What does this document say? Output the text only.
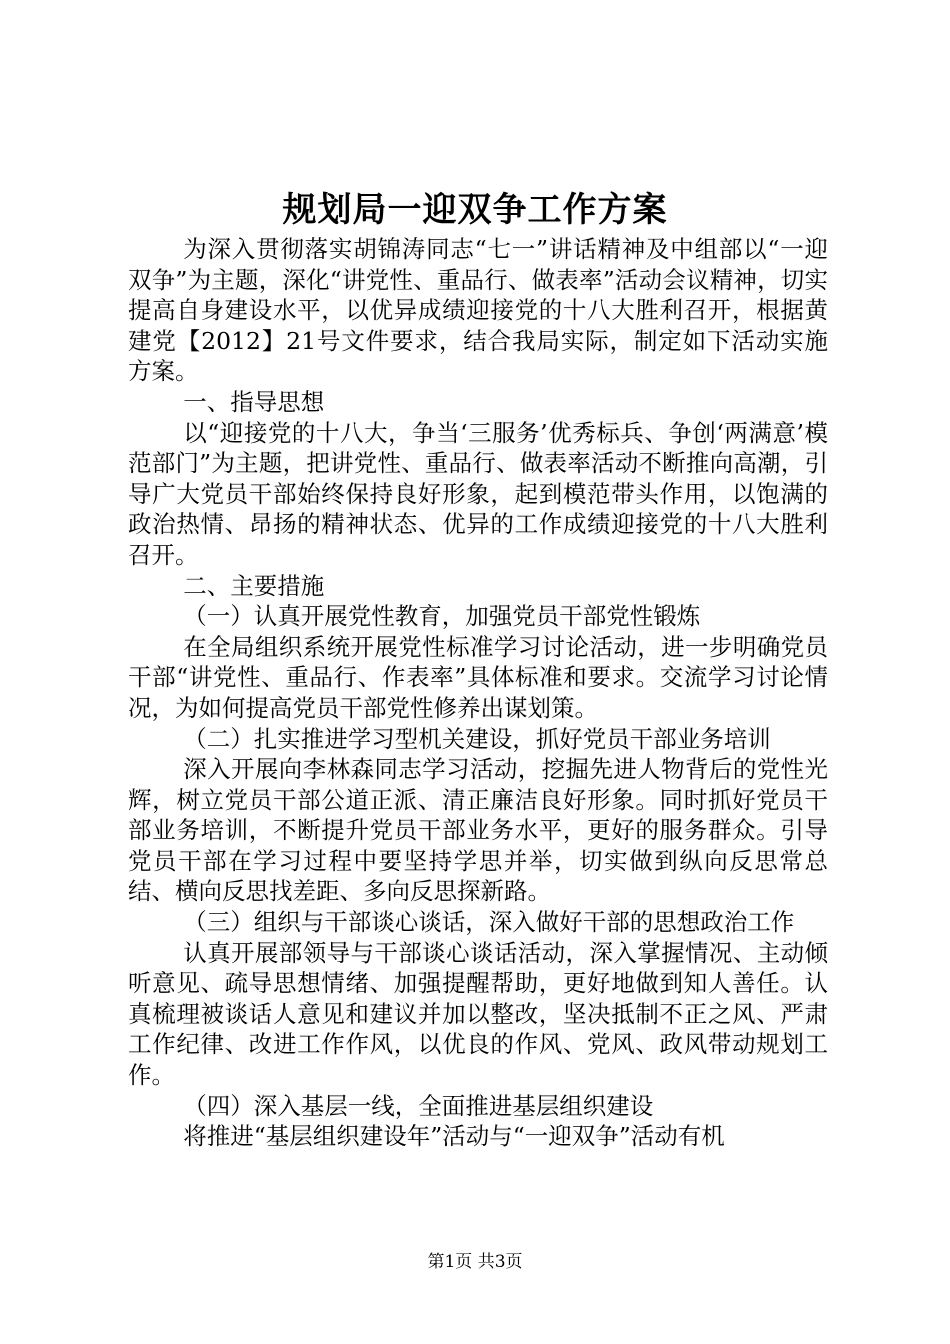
规划局一迎双争工作方案

为深入贯彻落实胡锦涛同志“七一”讲话精神及中组部以“一迎双争”为主题，深化“讲党性、重品行、做表率”活动会议精神，切实提高自身建设水平，以优异成绩迎接党的十八大胜利召开，根据黄建党【2012】21号文件要求，结合我局实际，制定如下活动实施方案。

一、指导思想

以“迎接党的十八大，争当‘三服务’优秀标兵、争创‘两满意’模范部门”为主题，把讲党性、重品行、做表率活动不断推向高潮，引导广大党员干部始终保持良好形象，起到模范带头作用，以饱满的政治热情、昂扬的精神状态、优异的工作成绩迎接党的十八大胜利召开。

二、主要措施

（一）认真开展党性教育，加强党员干部党性锻炼

在全局组织系统开展党性标准学习讨论活动，进一步明确党员干部“讲党性、重品行、作表率”具体标准和要求。交流学习讨论情况，为如何提高党员干部党性修养出谋划策。

（二）扎实推进学习型机关建设，抓好党员干部业务培训

深入开展向李林森同志学习活动，挖掘先进人物背后的党性光辉，树立党员干部公道正派、清正廉洁良好形象。同时抓好党员干部业务培训，不断提升党员干部业务水平，更好的服务群众。引导党员干部在学习过程中要坚持学思并举，切实做到纵向反思常总结、横向反思找差距、多向反思探新路。

（三）组织与干部谈心谈话，深入做好干部的思想政治工作

认真开展部领导与干部谈心谈话活动，深入掌握情况、主动倾听意见、疏导思想情绪、加强提醒帮助，更好地做到知人善任。认真梳理被谈话人意见和建议并加以整改，坚决抵制不正之风、严肃工作纪律、改进工作作风，以优良的作风、党风、政风带动规划工作。

（四）深入基层一线，全面推进基层组织建设

将推进“基层组织建设年”活动与“一迎双争”活动有机

第1页 共3页
